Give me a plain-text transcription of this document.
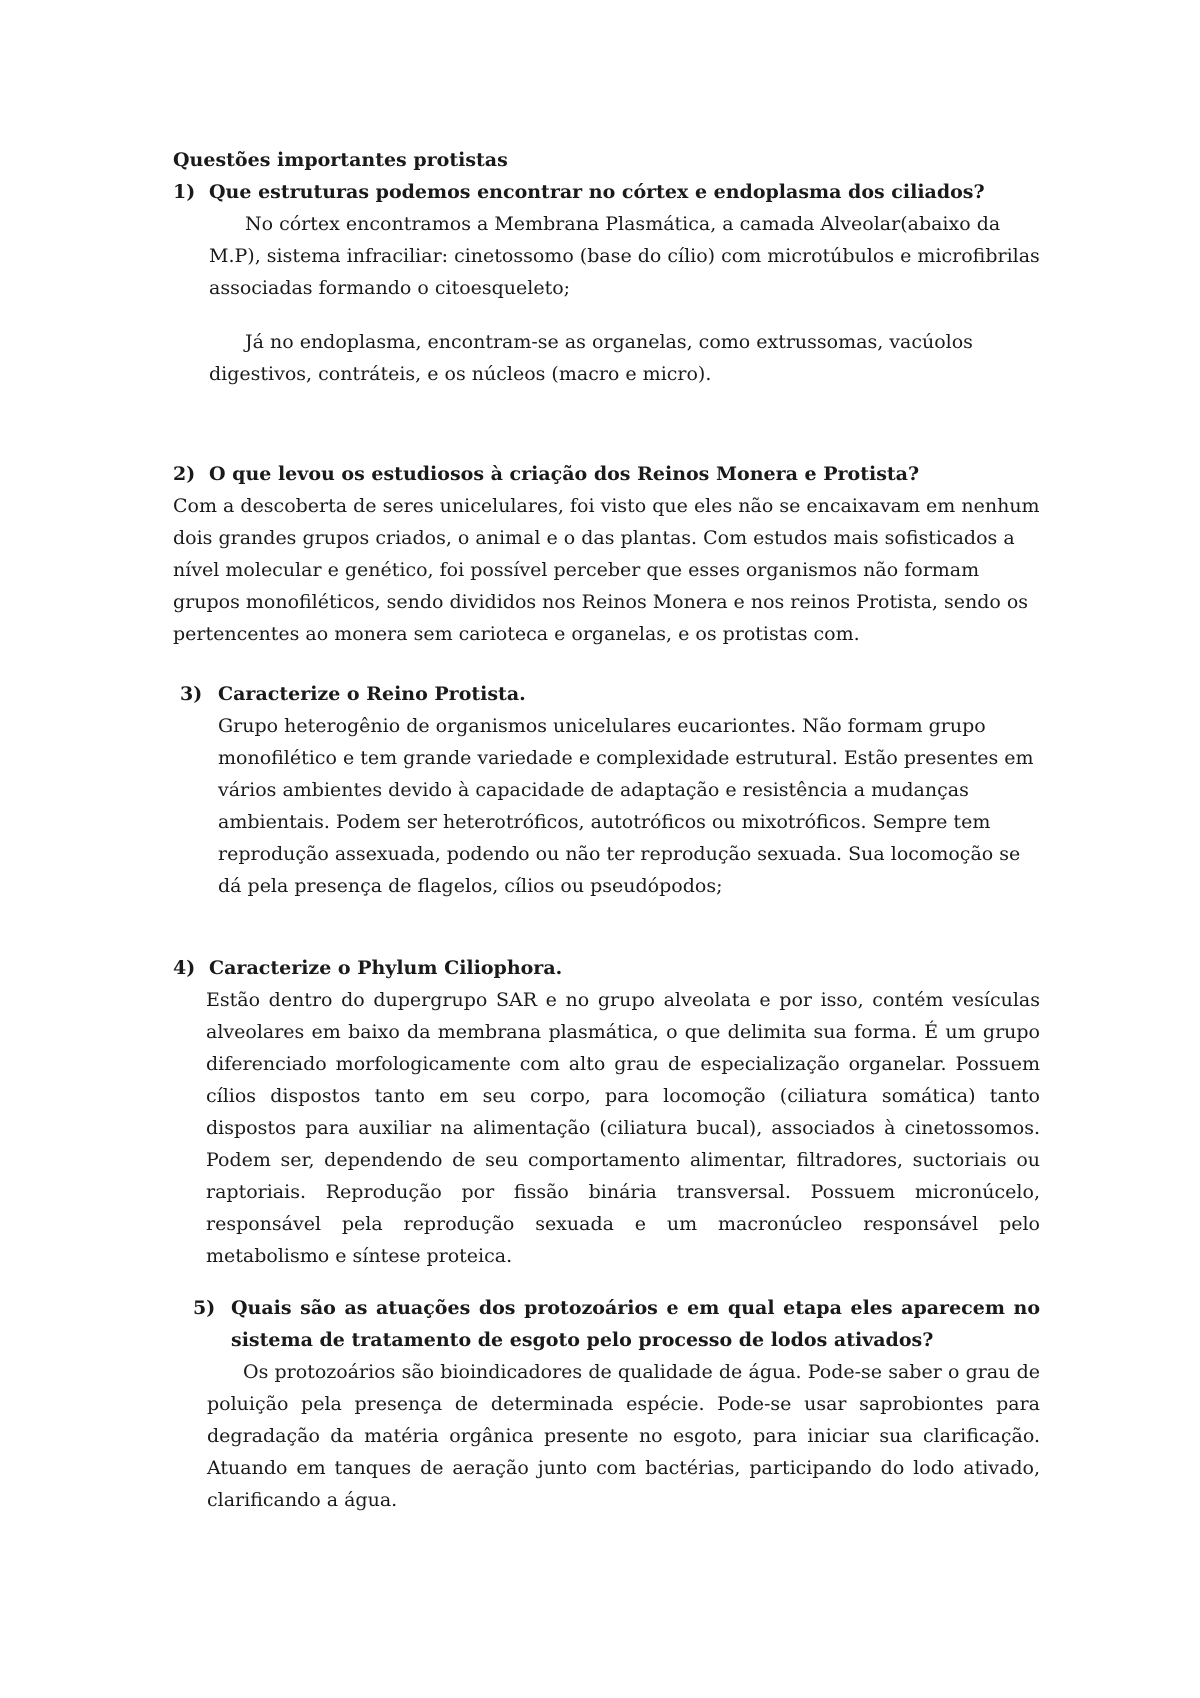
Questões importantes protistas
1) Que estruturas podemos encontrar no córtex e endoplasma dos ciliados?

No córtex encontramos a Membrana Plasmática, a camada Alveolar(abaixo da M.P), sistema infraciliar: cinetossomo (base do cílio) com microtúbulos e microfibrilas associadas formando o citoesqueleto;

Já no endoplasma, encontram-se as organelas, como extrussomas, vacúolos digestivos, contráteis, e os núcleos (macro e micro).

2) O que levou os estudiosos à criação dos Reinos Monera e Protista?

Com a descoberta de seres unicelulares, foi visto que eles não se encaixavam em nenhum dois grandes grupos criados, o animal e o das plantas. Com estudos mais sofisticados a nível molecular e genético, foi possível perceber que esses organismos não formam grupos monofiléticos, sendo divididos nos Reinos Monera e nos reinos Protista, sendo os pertencentes ao monera sem carioteca e organelas, e os protistas com.

3) Caracterize o Reino Protista.

Grupo heterogênio de organismos unicelulares eucariontes. Não formam grupo monofilético e tem grande variedade e complexidade estrutural. Estão presentes em vários ambientes devido à capacidade de adaptação e resistência a mudanças ambientais. Podem ser heterotróficos, autotróficos ou mixotróficos. Sempre tem reprodução assexuada, podendo ou não ter reprodução sexuada. Sua locomoção se dá pela presença de flagelos, cílios ou pseudópodos;

4) Caracterize o Phylum Ciliophora.

Estão dentro do dupergrupo SAR e no grupo alveolata e por isso, contém vesículas alveolares em baixo da membrana plasmática, o que delimita sua forma. É um grupo diferenciado morfologicamente com alto grau de especialização organelar. Possuem cílios dispostos tanto em seu corpo, para locomoção (ciliatura somática) tanto dispostos para auxiliar na alimentação (ciliatura bucal), associados à cinetossomos. Podem ser, dependendo de seu comportamento alimentar, filtradores, suctoriais ou raptoriais. Reprodução por fissão binária transversal. Possuem micronúcelo, responsável pela reprodução sexuada e um macronúcleo responsável pelo metabolismo e síntese proteica.

5) Quais são as atuações dos protozoários e em qual etapa eles aparecem no sistema de tratamento de esgoto pelo processo de lodos ativados?

Os protozoários são bioindicadores de qualidade de água. Pode-se saber o grau de poluição pela presença de determinada espécie. Pode-se usar saprobiontes para degradação da matéria orgânica presente no esgoto, para iniciar sua clarificação. Atuando em tanques de aeração junto com bactérias, participando do lodo ativado, clarificando a água.
